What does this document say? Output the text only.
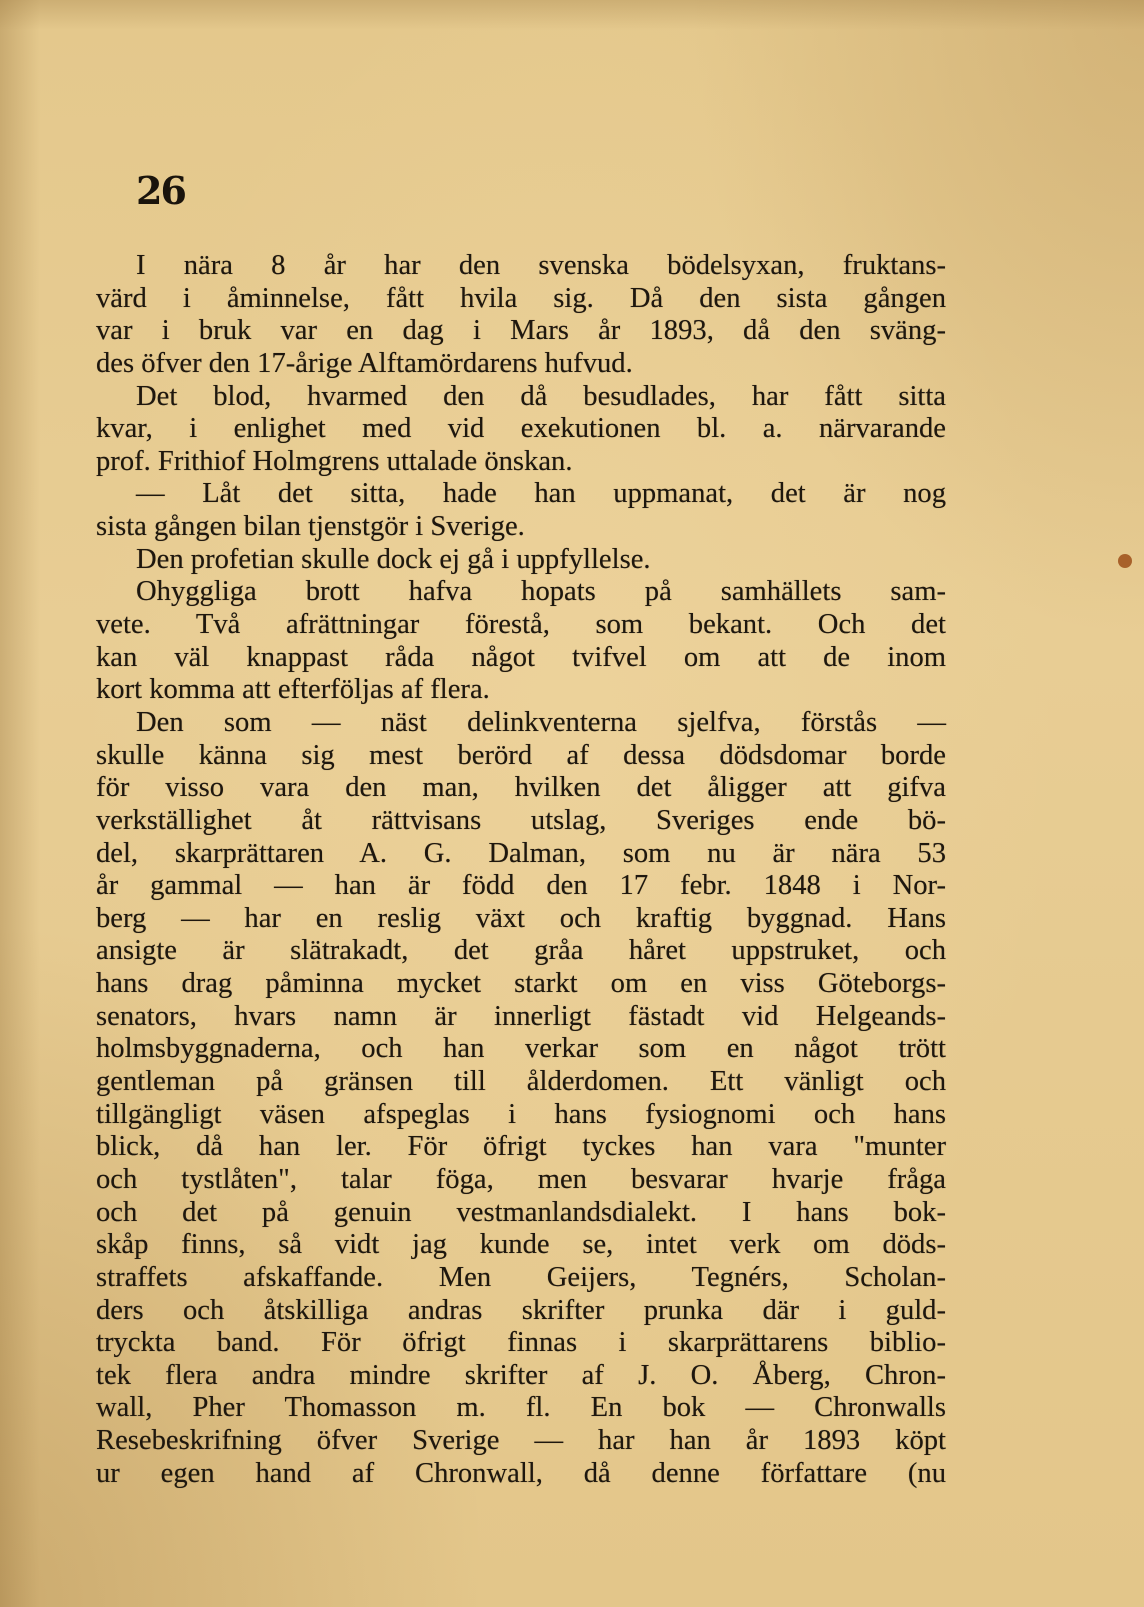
26
I nära 8 år har den svenska bödelsyxan, fruktans-
värd i åminnelse, fått hvila sig. Då den sista gången
var i bruk var en dag i Mars år 1893, då den sväng-
des öfver den 17-årige Alftamördarens hufvud.
Det blod, hvarmed den då besudlades, har fått sitta
kvar, i enlighet med vid exekutionen bl. a. närvarande
prof. Frithiof Holmgrens uttalade önskan.
— Låt det sitta, hade han uppmanat, det är nog
sista gången bilan tjenstgör i Sverige.
Den profetian skulle dock ej gå i uppfyllelse.
Ohyggliga brott hafva hopats på samhällets sam-
vete. Två afrättningar förestå, som bekant. Och det
kan väl knappast råda något tvifvel om att de inom
kort komma att efterföljas af flera.
Den som — näst delinkventerna sjelfva, förstås —
skulle känna sig mest berörd af dessa dödsdomar borde
för visso vara den man, hvilken det åligger att gifva
verkställighet åt rättvisans utslag, Sveriges ende bö-
del, skarprättaren A. G. Dalman, som nu är nära 53
år gammal — han är född den 17 febr. 1848 i Nor-
berg — har en reslig växt och kraftig byggnad. Hans
ansigte är slätrakadt, det gråa håret uppstruket, och
hans drag påminna mycket starkt om en viss Göteborgs-
senators, hvars namn är innerligt fästadt vid Helgeands-
holmsbyggnaderna, och han verkar som en något trött
gentleman på gränsen till ålderdomen. Ett vänligt och
tillgängligt väsen afspeglas i hans fysiognomi och hans
blick, då han ler. För öfrigt tyckes han vara "munter
och tystlåten", talar föga, men besvarar hvarje fråga
och det på genuin vestmanlandsdialekt. I hans bok-
skåp finns, så vidt jag kunde se, intet verk om döds-
straffets afskaffande. Men Geijers, Tegnérs, Scholan-
ders och åtskilliga andras skrifter prunka där i guld-
tryckta band. För öfrigt finnas i skarprättarens biblio-
tek flera andra mindre skrifter af J. O. Åberg, Chron-
wall, Pher Thomasson m. fl. En bok — Chronwalls
Resebeskrifning öfver Sverige — har han år 1893 köpt
ur egen hand af Chronwall, då denne författare (nu
